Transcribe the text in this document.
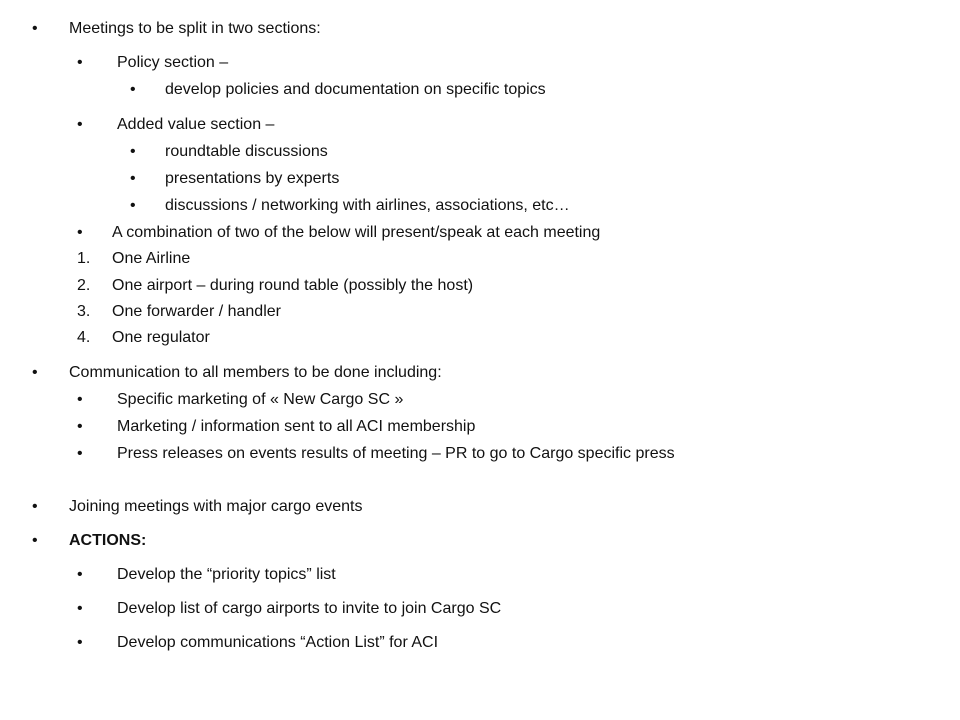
• Meetings to be split in two sections:
• Policy section –
• develop policies and documentation on specific topics
• Added value section –
• roundtable discussions
• presentations by experts
• discussions / networking with airlines, associations, etc…
• A combination of two of the below will present/speak at each meeting
1. One Airline
2. One airport – during round table (possibly the host)
3. One forwarder / handler
4. One regulator
• Communication to all members to be done including:
• Specific marketing of « New Cargo SC »
• Marketing / information sent to all ACI membership
• Press releases on events results of meeting – PR to go to Cargo specific press
• Joining meetings with major cargo events
• ACTIONS:
• Develop the “priority topics” list
• Develop list of cargo airports to invite to join Cargo SC
• Develop communications “Action List” for ACI
